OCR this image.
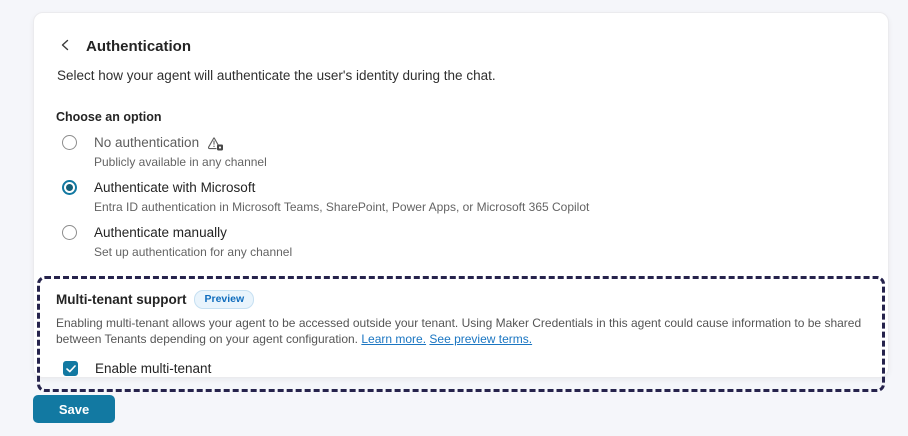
Authentication
Select how your agent will authenticate the user's identity during the chat.
Choose an option
No authentication
Publicly available in any channel
Authenticate with Microsoft
Entra ID authentication in Microsoft Teams, SharePoint, Power Apps, or Microsoft 365 Copilot
Authenticate manually
Set up authentication for any channel
Multi-tenant support	Preview
Enabling multi-tenant allows your agent to be accessed outside your tenant. Using Maker Credentials in this agent could cause information to be shared between Tenants depending on your agent configuration. Learn more. See preview terms.
Enable multi-tenant
Save
